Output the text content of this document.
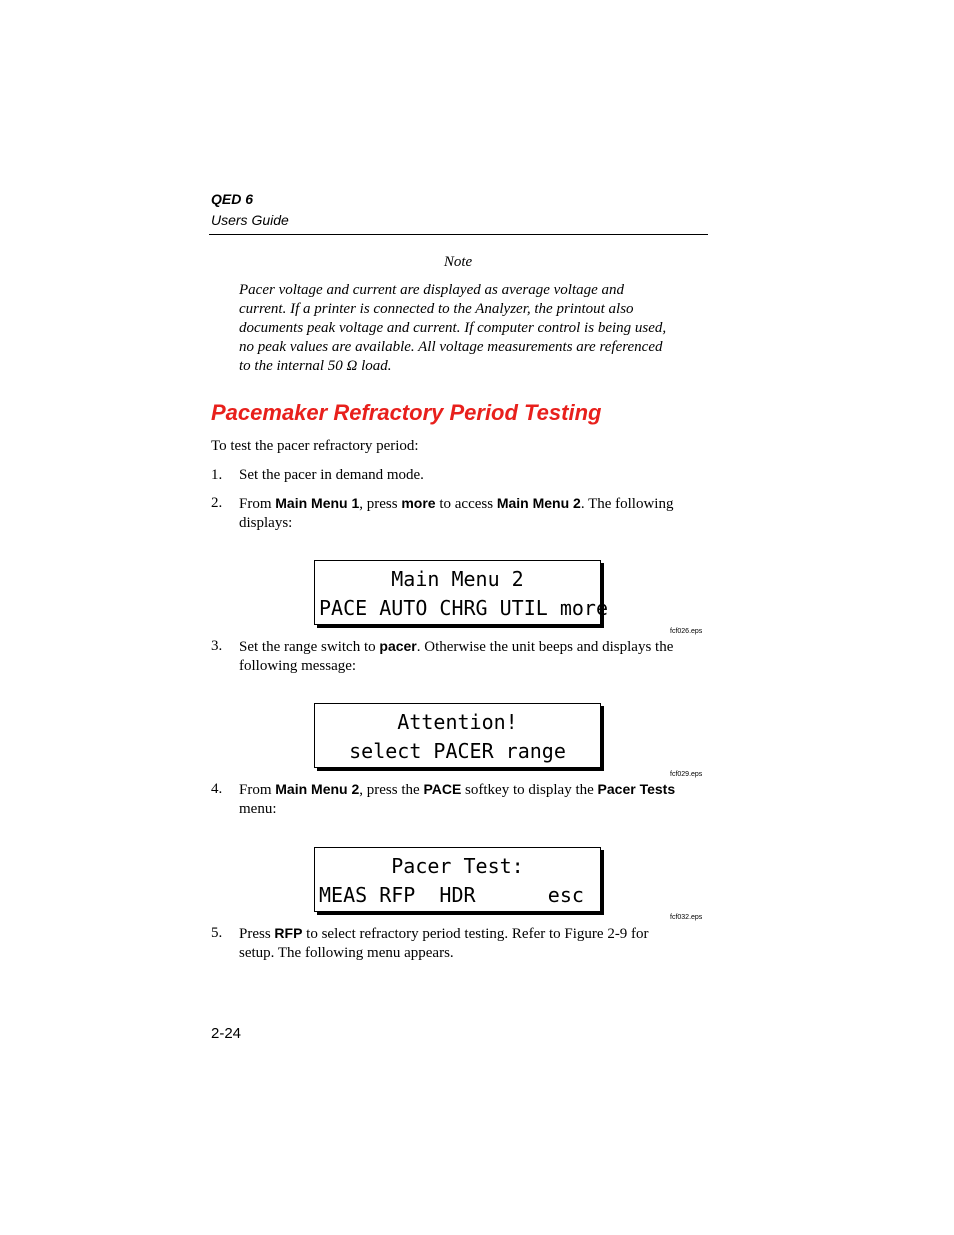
QED 6
Users Guide
Note
Pacer voltage and current are displayed as average voltage and current. If a printer is connected to the Analyzer, the printout also documents peak voltage and current. If computer control is being used, no peak values are available. All voltage measurements are referenced to the internal 50 Ω load.
Pacemaker Refractory Period Testing
To test the pacer refractory period:
1. Set the pacer in demand mode.
2. From Main Menu 1, press more to access Main Menu 2. The following displays:
Main Menu 2
PACE AUTO CHRG UTIL more
fcf026.eps
3. Set the range switch to pacer. Otherwise the unit beeps and displays the following message:
Attention!
select PACER range
fcf029.eps
4. From Main Menu 2, press the PACE softkey to display the Pacer Tests menu:
Pacer Test:
MEAS RFP  HDR      esc
fcf032.eps
5. Press RFP to select refractory period testing. Refer to Figure 2-9 for setup. The following menu appears.
2-24
